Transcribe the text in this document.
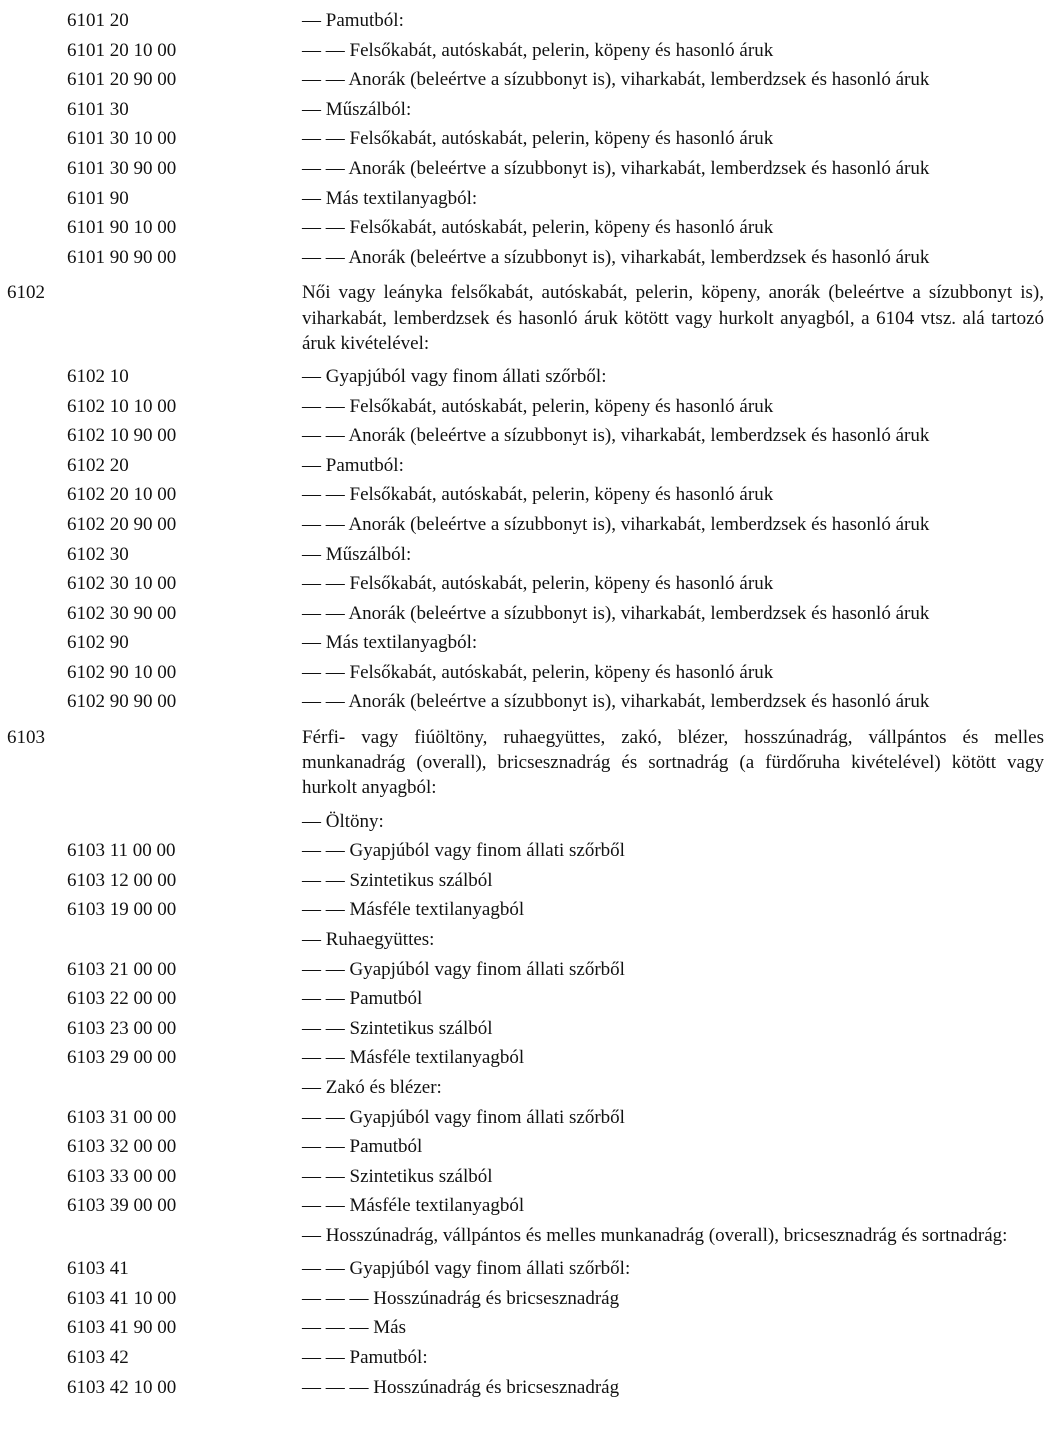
6101 20	— Pamutból:
6101 20 10 00	— — Felsőkabát, autóskabát, pelerin, köpeny és hasonló áruk
6101 20 90 00	— — Anorák (beleértve a sízubbonyt is), viharkabát, lemberdzsek és hasonló áruk
6101 30	— Műszálból:
6101 30 10 00	— — Felsőkabát, autóskabát, pelerin, köpeny és hasonló áruk
6101 30 90 00	— — Anorák (beleértve a sízubbonyt is), viharkabát, lemberdzsek és hasonló áruk
6101 90	— Más textilanyagból:
6101 90 10 00	— — Felsőkabát, autóskabát, pelerin, köpeny és hasonló áruk
6101 90 90 00	— — Anorák (beleértve a sízubbonyt is), viharkabát, lemberdzsek és hasonló áruk
6102	Női vagy leányka felsőkabát, autóskabát, pelerin, köpeny, anorák (beleértve a sízubbonyt is), viharkabát, lemberdzsek és hasonló áruk kötött vagy hurkolt anyagból, a 6104 vtsz. alá tartozó áruk kivételével:
6102 10	— Gyapjúból vagy finom állati szőrből:
6102 10 10 00	— — Felsőkabát, autóskabát, pelerin, köpeny és hasonló áruk
6102 10 90 00	— — Anorák (beleértve a sízubbonyt is), viharkabát, lemberdzsek és hasonló áruk
6102 20	— Pamutból:
6102 20 10 00	— — Felsőkabát, autóskabát, pelerin, köpeny és hasonló áruk
6102 20 90 00	— — Anorák (beleértve a sízubbonyt is), viharkabát, lemberdzsek és hasonló áruk
6102 30	— Műszálból:
6102 30 10 00	— — Felsőkabát, autóskabát, pelerin, köpeny és hasonló áruk
6102 30 90 00	— — Anorák (beleértve a sízubbonyt is), viharkabát, lemberdzsek és hasonló áruk
6102 90	— Más textilanyagból:
6102 90 10 00	— — Felsőkabát, autóskabát, pelerin, köpeny és hasonló áruk
6102 90 90 00	— — Anorák (beleértve a sízubbonyt is), viharkabát, lemberdzsek és hasonló áruk
6103	Férfi- vagy fiúöltöny, ruhaegyüttes, zakó, blézer, hosszúnadrág, vállpántos és melles munkanadrág (overall), bricsesznadrág és sortnadrág (a fürdőruha kivételével) kötött vagy hurkolt anyagból:
— Öltöny:
6103 11 00 00	— — Gyapjúból vagy finom állati szőrből
6103 12 00 00	— — Szintetikus szálból
6103 19 00 00	— — Másféle textilanyagból
— Ruhaegyüttes:
6103 21 00 00	— — Gyapjúból vagy finom állati szőrből
6103 22 00 00	— — Pamutból
6103 23 00 00	— — Szintetikus szálból
6103 29 00 00	— — Másféle textilanyagból
— Zakó és blézer:
6103 31 00 00	— — Gyapjúból vagy finom állati szőrből
6103 32 00 00	— — Pamutból
6103 33 00 00	— — Szintetikus szálból
6103 39 00 00	— — Másféle textilanyagból
— Hosszúnadrág, vállpántos és melles munkanadrág (overall), bricsesznadrág és sortnadrág:
6103 41	— — Gyapjúból vagy finom állati szőrből:
6103 41 10 00	— — — Hosszúnadrág és bricsesznadrág
6103 41 90 00	— — — Más
6103 42	— — Pamutból:
6103 42 10 00	— — — Hosszúnadrág és bricsesznadrág
